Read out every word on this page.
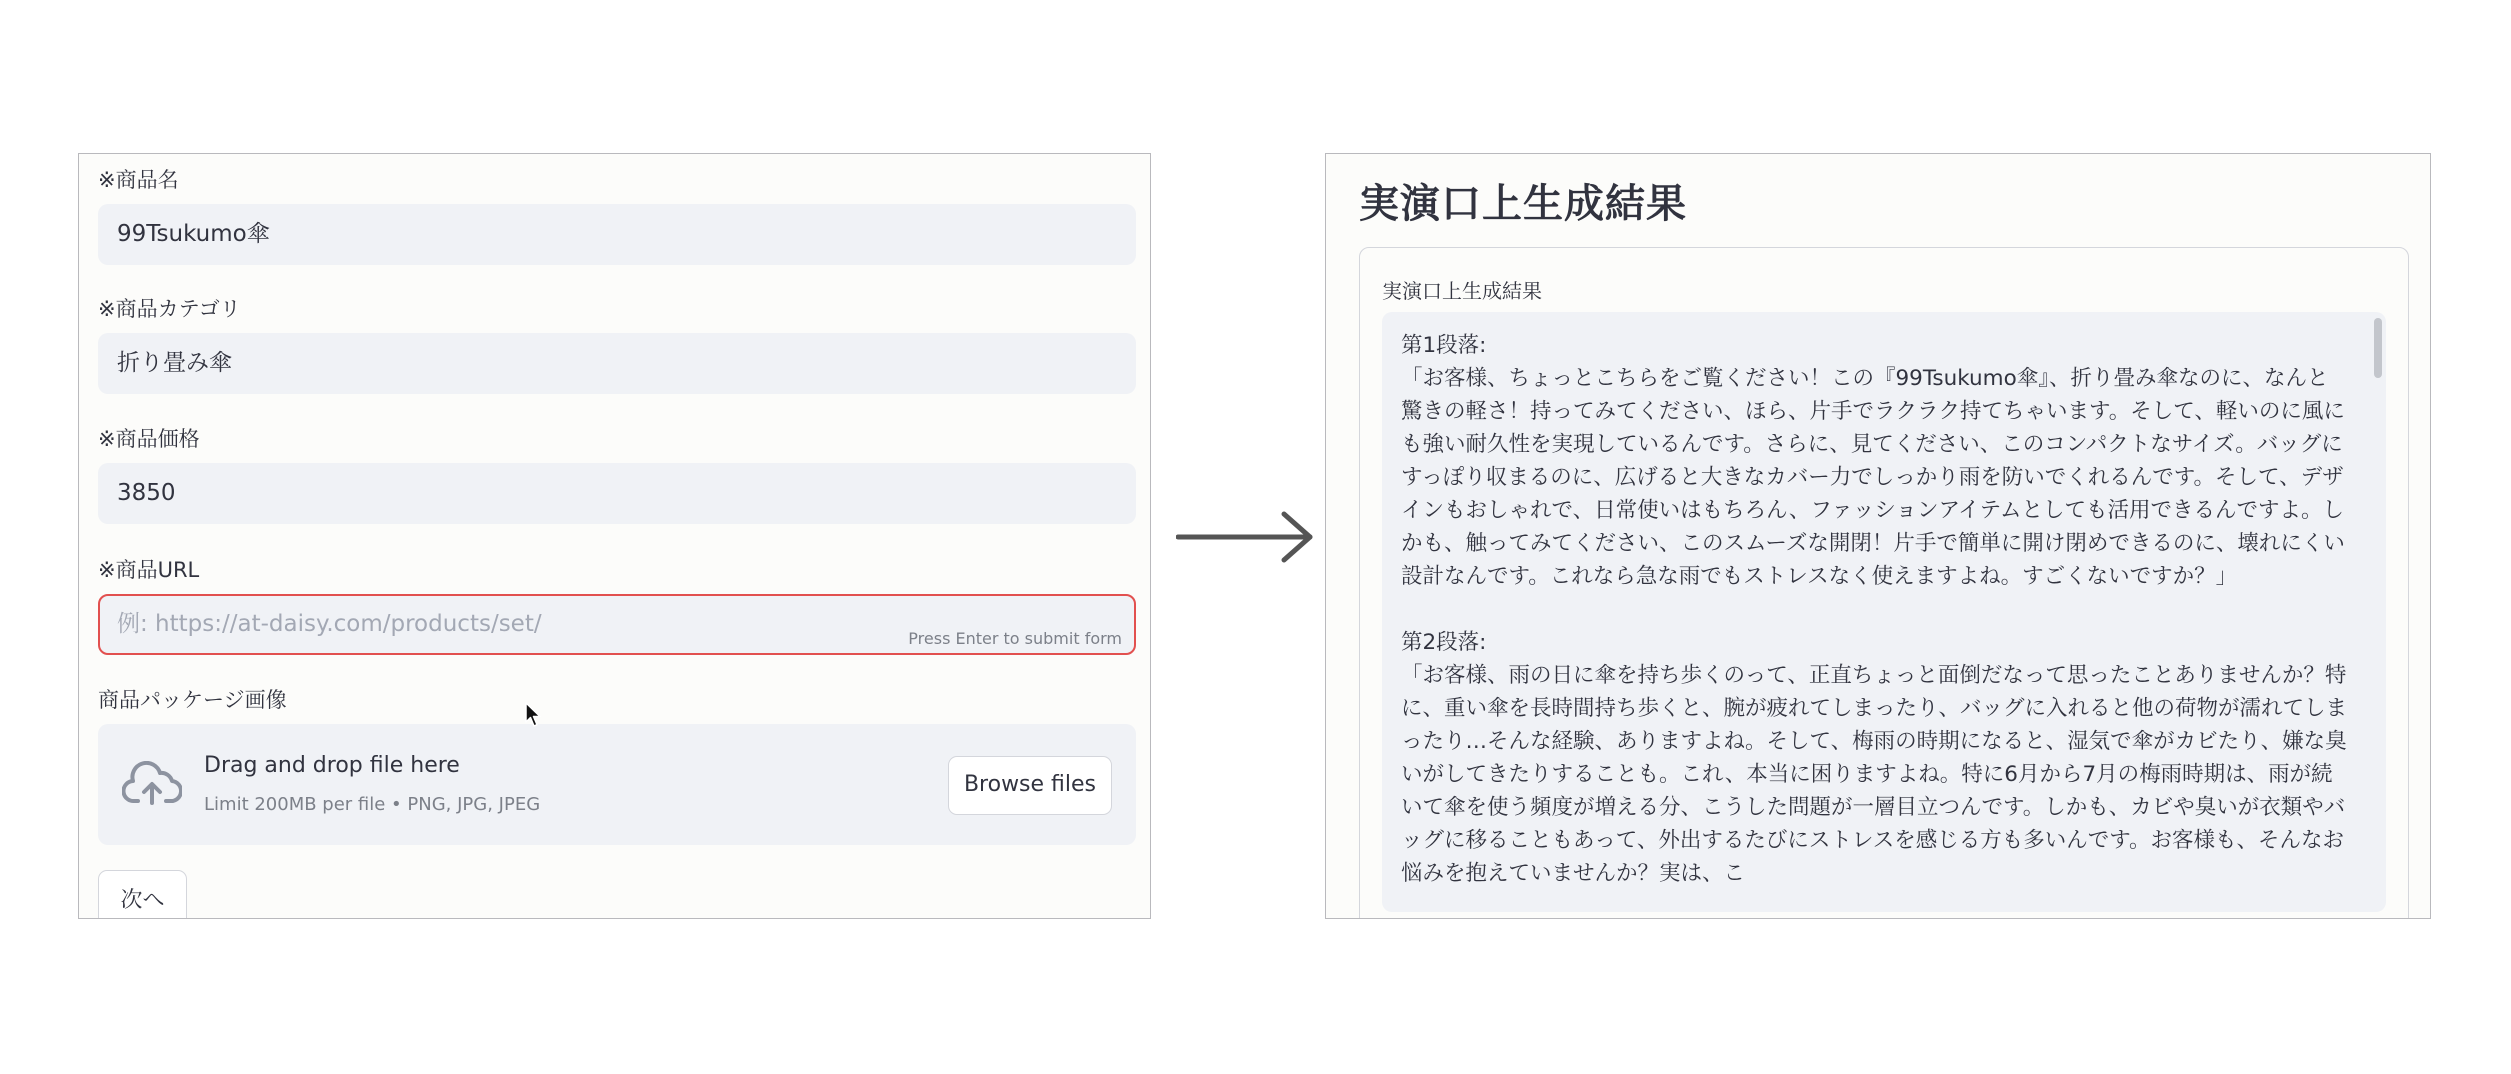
※商品名
99Tsukumo傘
※商品カテゴリ
折り畳み傘
※商品価格
3850
※商品URL
例: https://at-daisy.com/products/set/
Press Enter to submit form
商品パッケージ画像
Drag and drop file here
Limit 200MB per file • PNG, JPG, JPEG
Browse files
次へ
実演口上生成結果
実演口上生成結果
第1段落:
「お客様、ちょっとこちらをご覧ください！この『99Tsukumo傘』、折り畳み傘なのに、なんと驚きの軽さ！持ってみてください、ほら、片手でラクラク持てちゃいます。そして、軽いのに風にも強い耐久性を実現しているんです。さらに、見てください、このコンパクトなサイズ。バッグにすっぽり収まるのに、広げると大きなカバー力でしっかり雨を防いでくれるんです。そして、デザインもおしゃれで、日常使いはもちろん、ファッションアイテムとしても活用できるんですよ。しかも、触ってみてください、このスムーズな開閉！片手で簡単に開け閉めできるのに、壊れにくい設計なんです。これなら急な雨でもストレスなく使えますよね。すごくないですか？」
第2段落:
「お客様、雨の日に傘を持ち歩くのって、正直ちょっと面倒だなって思ったことありませんか？特に、重い傘を長時間持ち歩くと、腕が疲れてしまったり、バッグに入れると他の荷物が濡れてしまったり…そんな経験、ありますよね。そして、梅雨の時期になると、湿気で傘がカビたり、嫌な臭いがしてきたりすることも。これ、本当に困りますよね。特に6月から7月の梅雨時期は、雨が続いて傘を使う頻度が増える分、こうした問題が一層目立つんです。しかも、カビや臭いが衣類やバッグに移ることもあって、外出するたびにストレスを感じる方も多いんです。お客様も、そんなお悩みを抱えていませんか？実は、こ
